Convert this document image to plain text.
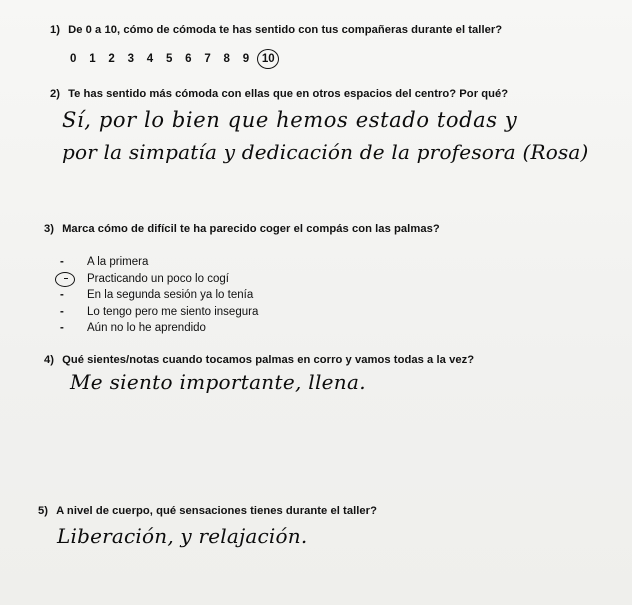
1) De 0 a 10, cómo de cómoda te has sentido con tus compañeras durante el taller?
0 1 2 3 4 5 6 7 8 9 10
2) Te has sentido más cómoda con ellas que en otros espacios del centro? Por qué?
Sí, por lo bien que hemos estado todas y
por la simpatía y dedicación de la profesora (Rosa)
3) Marca cómo de difícil te ha parecido coger el compás con las palmas?
- A la primera
Practicando un poco lo cogí
- En la segunda sesión ya lo tenía
- Lo tengo pero me siento insegura
- Aún no lo he aprendido
4) Qué sientes/notas cuando tocamos palmas en corro y vamos todas a la vez?
Me siento importante, llena.
5) A nivel de cuerpo, qué sensaciones tienes durante el taller?
Liberación, y relajación.
